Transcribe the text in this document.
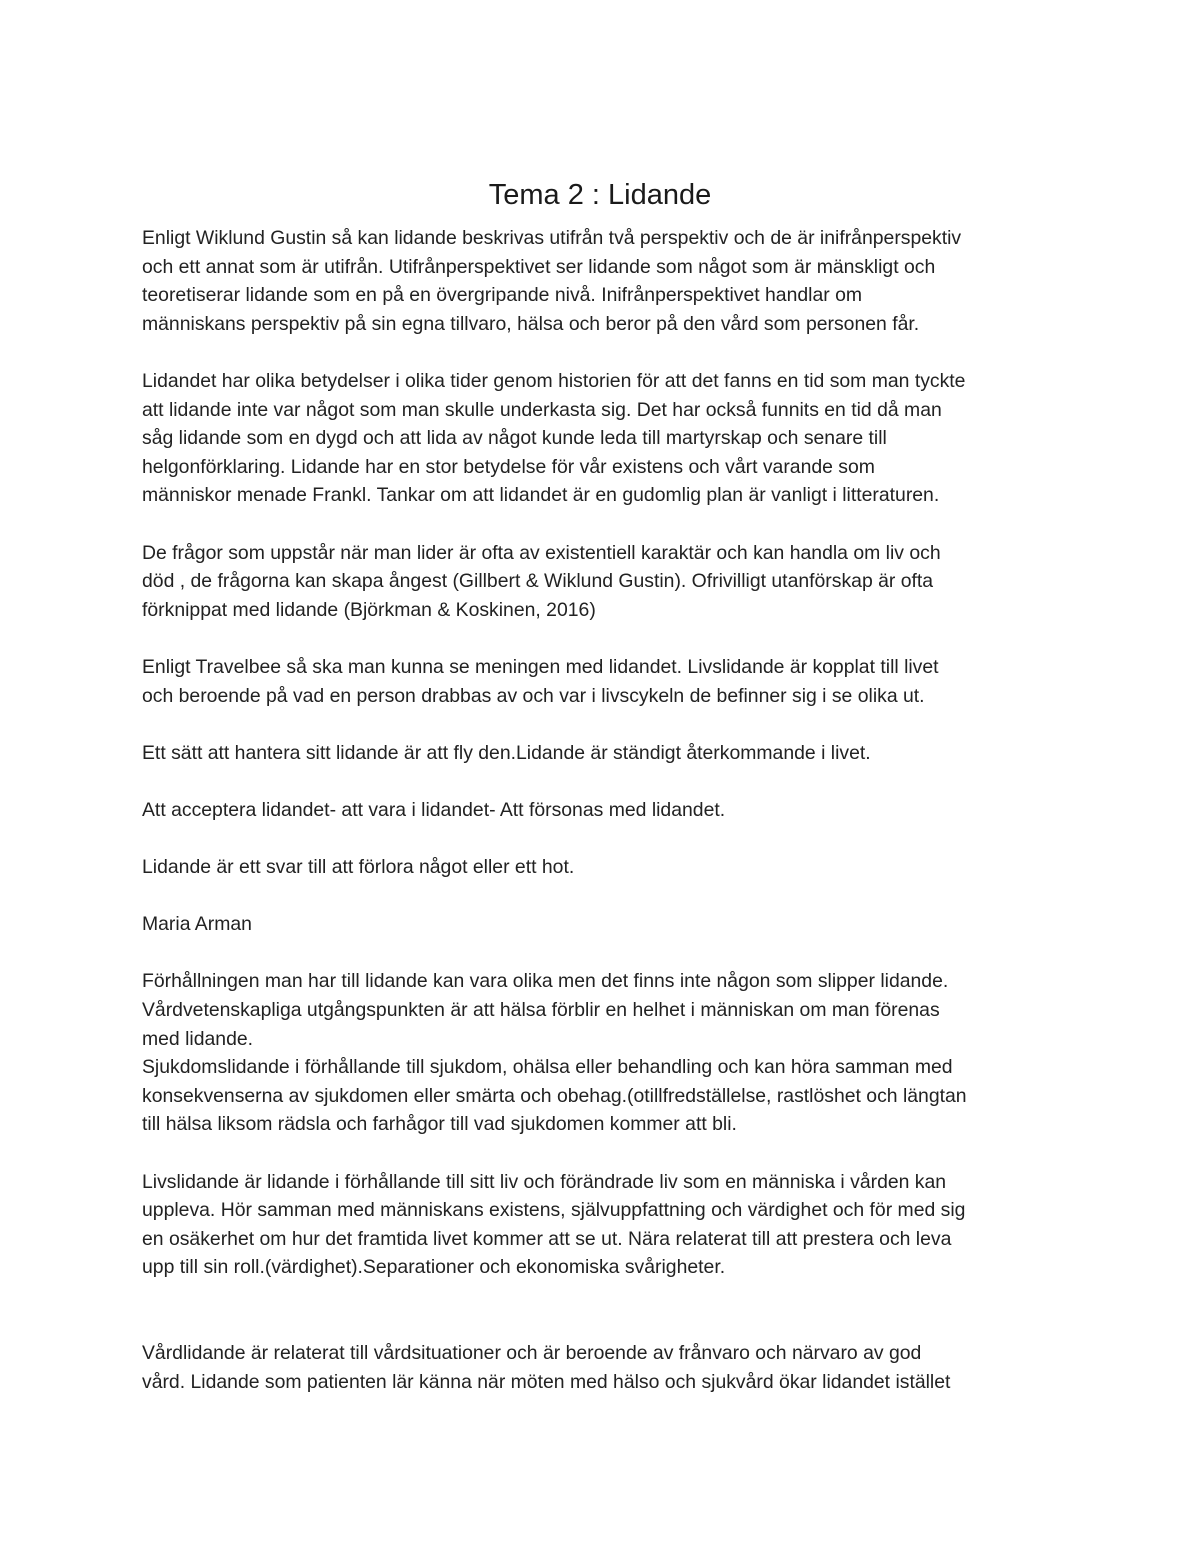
Tema 2 : Lidande

Enligt Wiklund Gustin så kan lidande beskrivas utifrån två perspektiv och de är inifrånperspektiv
och ett annat som är utifrån. Utifrånperspektivet ser lidande som något som är mänskligt och
teoretiserar lidande som en på en övergripande nivå. Inifrånperspektivet handlar om
människans perspektiv på sin egna tillvaro, hälsa och beror på den vård som personen får.

Lidandet har olika betydelser i olika tider genom historien för att det fanns en tid som man tyckte
att lidande inte var något som man skulle underkasta sig. Det har också funnits en tid då man
såg lidande som en dygd och att lida av något kunde leda till martyrskap och senare till
helgonförklaring. Lidande har en stor betydelse för vår existens och vårt varande som
människor menade Frankl. Tankar om att lidandet är en gudomlig plan är vanligt i litteraturen.

De frågor som uppstår när man lider är ofta av existentiell karaktär och kan handla om liv och
död , de frågorna kan skapa ångest (Gillbert & Wiklund Gustin). Ofrivilligt utanförskap är ofta
förknippat med lidande (Björkman & Koskinen, 2016)

Enligt Travelbee så ska man kunna se meningen med lidandet. Livslidande är kopplat till livet
och beroende på vad en person drabbas av och var i livscykeln de befinner sig i se olika ut.

Ett sätt att hantera sitt lidande är att fly den.Lidande är ständigt återkommande i livet.

Att acceptera lidandet- att vara i lidandet- Att försonas med lidandet.

Lidande är ett svar till att förlora något eller ett hot.

Maria Arman

Förhållningen man har till lidande kan vara olika men det finns inte någon som slipper lidande.
Vårdvetenskapliga utgångspunkten är att hälsa förblir en helhet i människan om man förenas
med lidande.
Sjukdomslidande i förhållande till sjukdom, ohälsa eller behandling och kan höra samman med
konsekvenserna av sjukdomen eller smärta och obehag.(otillfredställelse, rastlöshet och längtan
till hälsa liksom rädsla och farhågor till vad sjukdomen kommer att bli.

Livslidande är lidande i förhållande till sitt liv och förändrade liv som en människa i vården kan
uppleva. Hör samman med människans existens, självuppfattning och värdighet och för med sig
en osäkerhet om hur det framtida livet kommer att se ut. Nära relaterat till att prestera och leva
upp till sin roll.(värdighet).Separationer och ekonomiska svårigheter.

Vårdlidande är relaterat till vårdsituationer och är beroende av frånvaro och närvaro av god
vård. Lidande som patienten lär känna när möten med hälso och sjukvård ökar lidandet istället
